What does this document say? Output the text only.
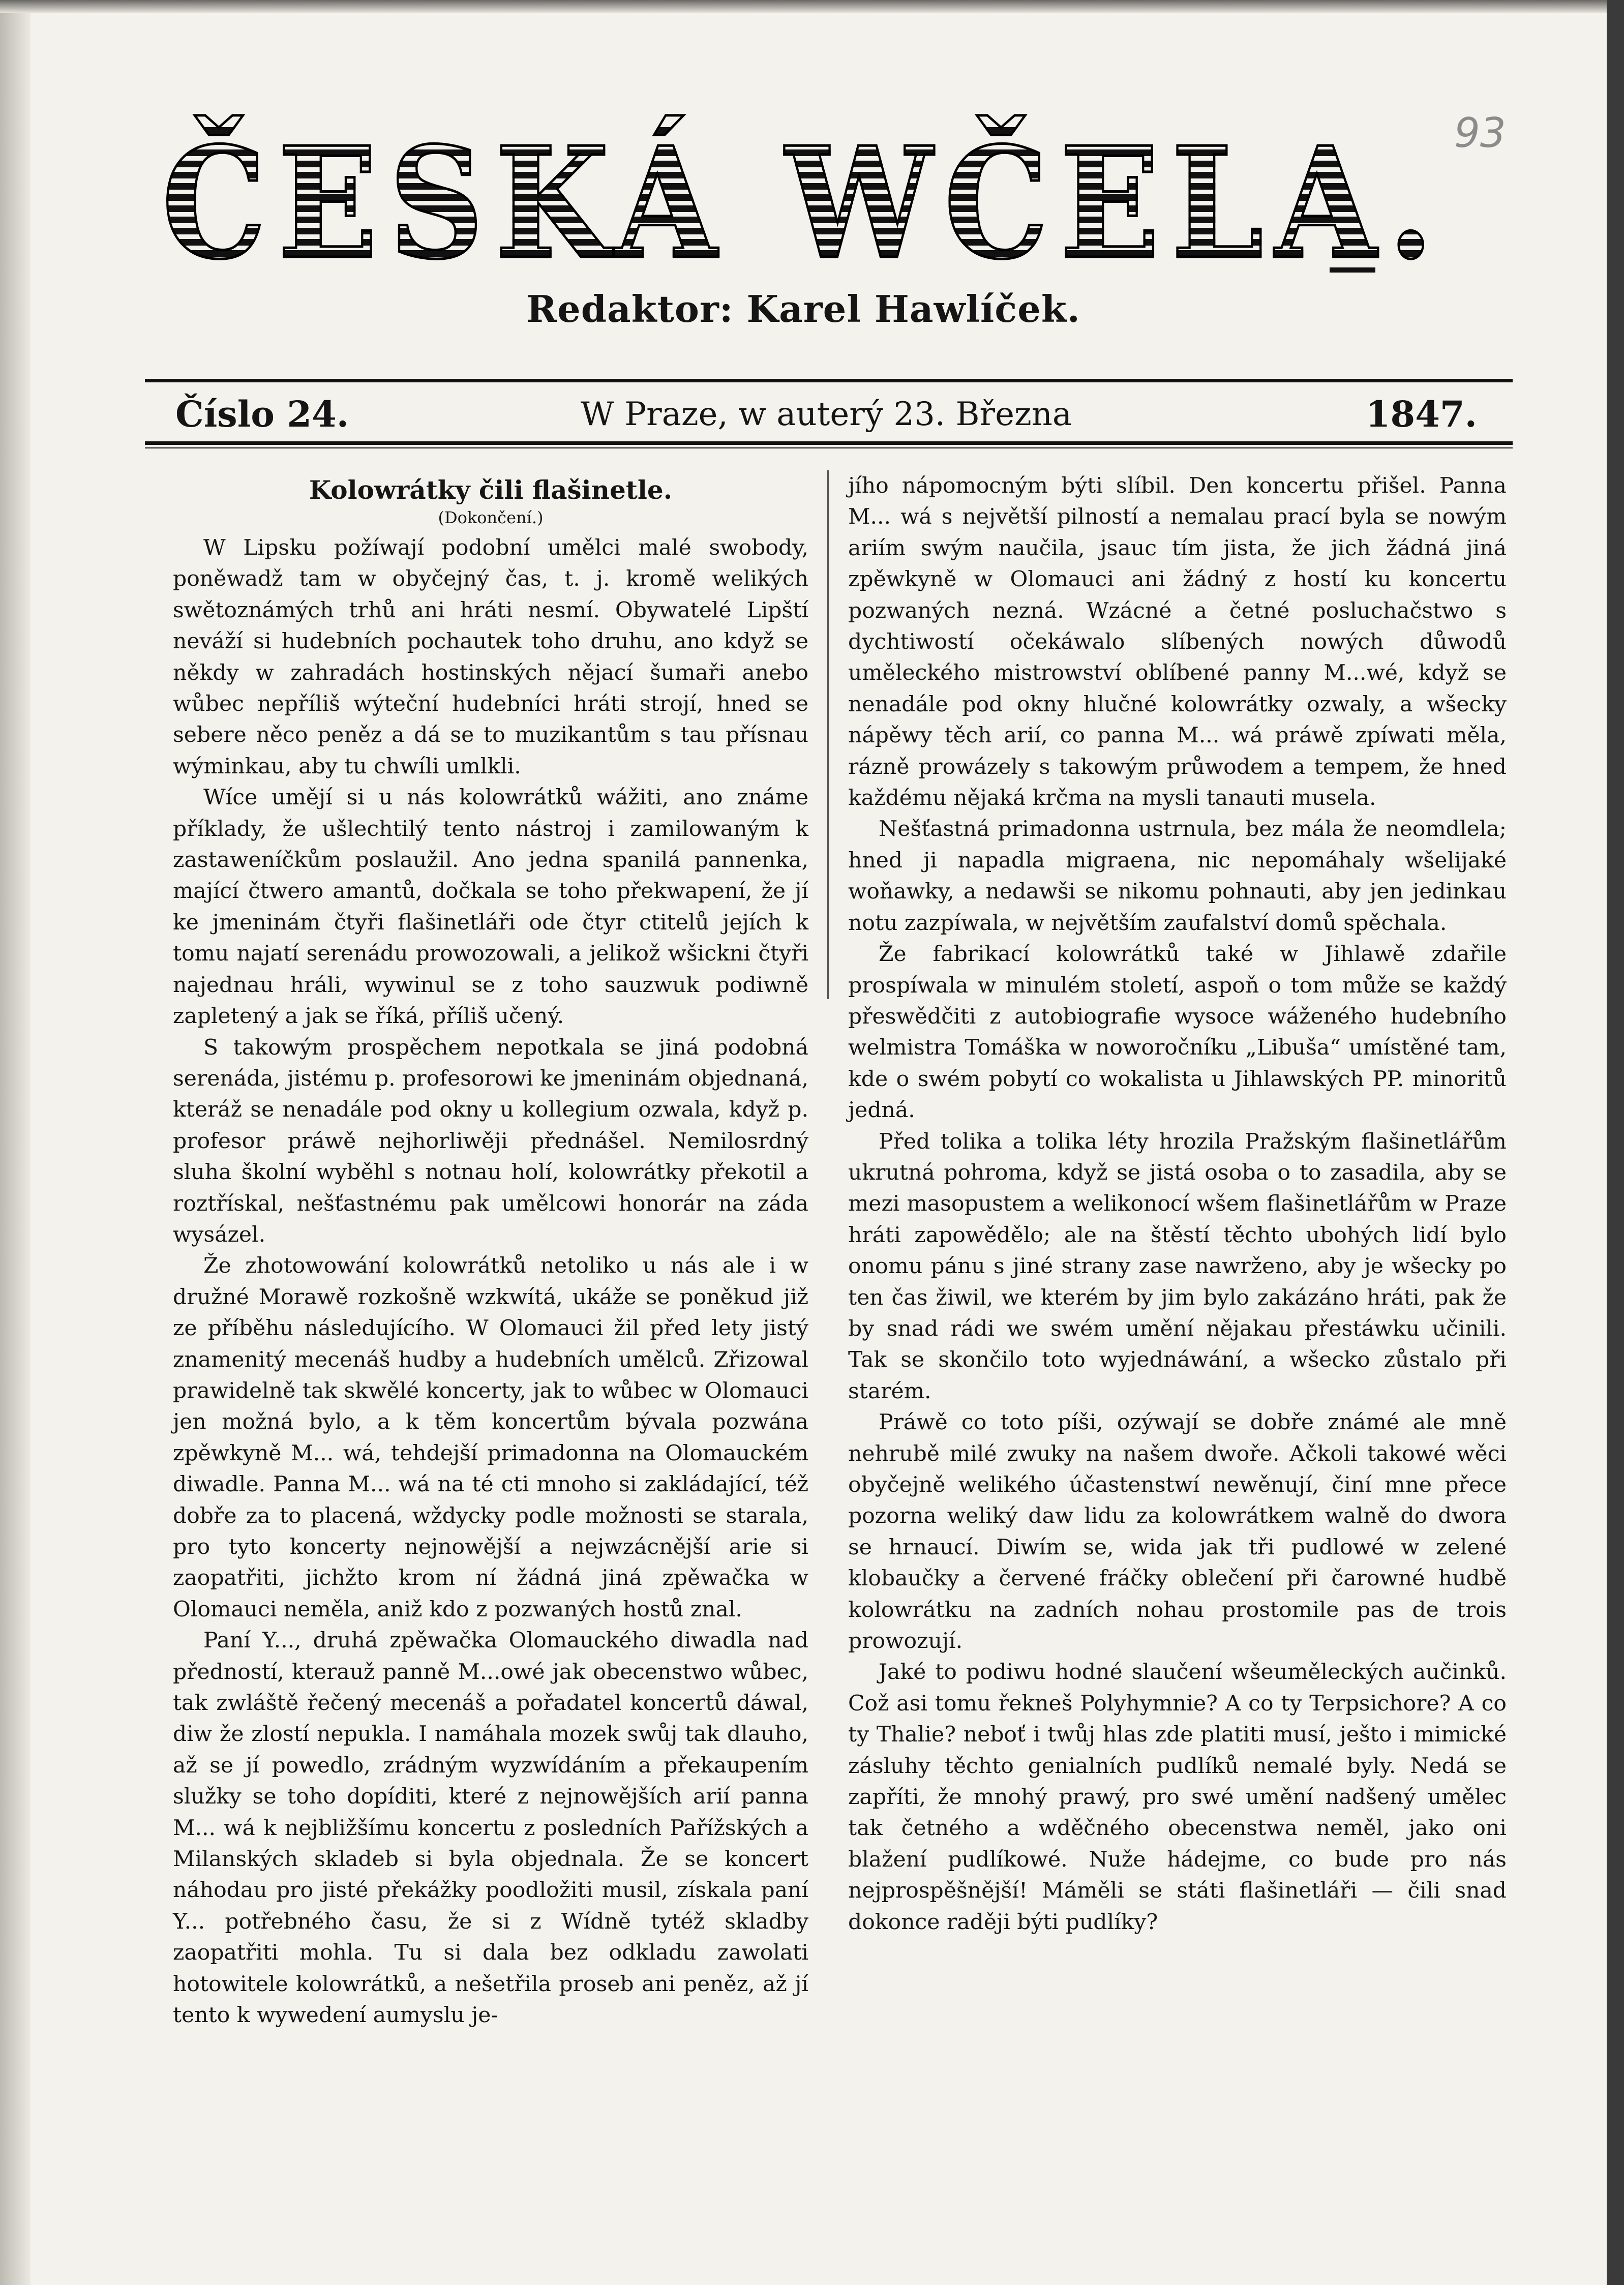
93
ČESKÁ WČELA.
Redaktor: Karel Hawlíček.
Číslo 24.	W Praze, w auterý 23. Března	1847.
Kolowrátky čili flašinetle.
(Dokončení.)

W Lipsku požíwají podobní umělci malé swobody, poněwadž tam w obyčejný čas, t. j. kromě welikých swětoznámých trhů ani hráti nesmí. Obywatelé Lipští neváží si hudebních pochautek toho druhu, ano když se někdy w zahradách hostinských nějací šumaři anebo wůbec nepříliš wýteční hudebníci hráti strojí, hned se sebere něco peněz a dá se to muzikantům s tau přísnau wýminkau, aby tu chwíli umlkli.

Wíce umějí si u nás kolowrátků wážiti, ano známe příklady, že ušlechtilý tento nástroj i zamilowaným k zastaweníčkům poslaužil. Ano jedna spanilá pannenka, mající čtwero amantů, dočkala se toho překwapení, že jí ke jmeninám čtyři flašinetláři ode čtyr ctitelů jejích k tomu najatí serenádu prowozowali, a jelikož wšickni čtyři najednau hráli, wywinul se z toho sauzwuk podiwně zapletený a jak se říká, příliš učený.

S takowým prospěchem nepotkala se jiná podobná serenáda, jistému p. profesorowi ke jmeninám objednaná, kteráž se nenadále pod okny u kollegium ozwala, když p. profesor práwě nejhorliwěji přednášel. Nemilosrdný sluha školní wyběhl s notnau holí, kolowrátky překotil a roztřískal, nešťastnému pak umělcowi honorár na záda wysázel.

Že zhotowowání kolowrátků netoliko u nás ale i w družné Morawě rozkošně wzkwítá, ukáže se poněkud již ze příběhu následujícího. W Olomauci žil před lety jistý znamenitý mecenáš hudby a hudebních umělců. Zřizowal prawidelně tak skwělé koncerty, jak to wůbec w Olomauci jen možná bylo, a k těm koncertům bývala pozwána zpěwkyně M... wá, tehdejší primadonna na Olomauckém diwadle. Panna M... wá na té cti mnoho si zakládající, též dobře za to placená, wždycky podle možnosti se starala, pro tyto koncerty nejnowější a nejwzácnější arie si zaopatřiti, jichžto krom ní žádná jiná zpěwačka w Olomauci neměla, aniž kdo z pozwaných hostů znal.

Paní Y..., druhá zpěwačka Olomauckého diwadla nad předností, kterauž panně M...owé jak obecenstwo wůbec, tak zwláště řečený mecenáš a pořadatel koncertů dáwal, diw že zlostí nepukla. I namáhala mozek swůj tak dlauho, až se jí powedlo, zrádným wyzwídáním a překaupením služky se toho dopíditi, které z nejnowějších arií panna M... wá k nejbližšímu koncertu z posledních Pařížských a Milanských skladeb si byla objednala. Že se koncert náhodau pro jisté překážky poodložiti musil, získala paní Y... potřebného času, že si z Wídně tytéž skladby zaopatřiti mohla. Tu si dala bez odkladu zawolati hotowitele kolowrátků, a nešetřila proseb ani peněz, až jí tento k wywedení aumyslu je-

jího nápomocným býti slíbil. Den koncertu přišel. Panna M... wá s největší pilností a nemalau prací byla se nowým ariím swým naučila, jsauc tím jista, že jich žádná jiná zpěwkyně w Olomauci ani žádný z hostí ku koncertu pozwaných nezná. Wzácné a četné posluchačstwo s dychtiwostí očekáwalo slíbených nowých důwodů uměleckého mistrowství oblíbené panny M...wé, když se nenadále pod okny hlučné kolowrátky ozwaly, a wšecky nápěwy těch arií, co panna M... wá práwě zpíwati měla, rázně prowázely s takowým průwodem a tempem, že hned každému nějaká krčma na mysli tanauti musela.

Nešťastná primadonna ustrnula, bez mála že neomdlela; hned ji napadla migraena, nic nepomáhaly wšelijaké woňawky, a nedawši se nikomu pohnauti, aby jen jedinkau notu zazpíwala, w největším zaufalství domů spěchala.

Že fabrikací kolowrátků také w Jihlawě zdařile prospíwala w minulém století, aspoň o tom může se každý přeswědčiti z autobiografie wysoce wáženého hudebního welmistra Tomáška w noworočníku „Libuša“ umístěné tam, kde o swém pobytí co wokalista u Jihlawských PP. minoritů jedná.

Před tolika a tolika léty hrozila Pražským flašinetlářům ukrutná pohroma, když se jistá osoba o to zasadila, aby se mezi masopustem a welikonocí wšem flašinetlářům w Praze hráti zapowědělo; ale na štěstí těchto ubohých lidí bylo onomu pánu s jiné strany zase nawrženo, aby je wšecky po ten čas žiwil, we kterém by jim bylo zakázáno hráti, pak že by snad rádi we swém umění nějakau přestáwku učinili. Tak se skončilo toto wyjednáwání, a wšecko zůstalo při starém.

Práwě co toto píši, ozýwají se dobře známé ale mně nehrubě milé zwuky na našem dwoře. Ačkoli takowé wěci obyčejně welikého účastenstwí newěnují, činí mne přece pozorna weliký daw lidu za kolowrátkem walně do dwora se hrnaucí. Diwím se, wida jak tři pudlowé w zelené klobaučky a červené fráčky oblečení při čarowné hudbě kolowrátku na zadních nohau prostomile pas de trois prowozují.

Jaké to podiwu hodné slaučení wšeuměleckých aučinků. Což asi tomu řekneš Polyhymnie? A co ty Terpsichore? A co ty Thalie? neboť i twůj hlas zde platiti musí, ješto i mimické zásluhy těchto genialních pudlíků nemalé byly. Nedá se zapříti, že mnohý prawý, pro swé umění nadšený umělec tak četného a wděčného obecenstwa neměl, jako oni blažení pudlíkowé. Nuže hádejme, co bude pro nás nejprospěšnější! Máměli se státi flašinetláři — čili snad dokonce raději býti pudlíky?
